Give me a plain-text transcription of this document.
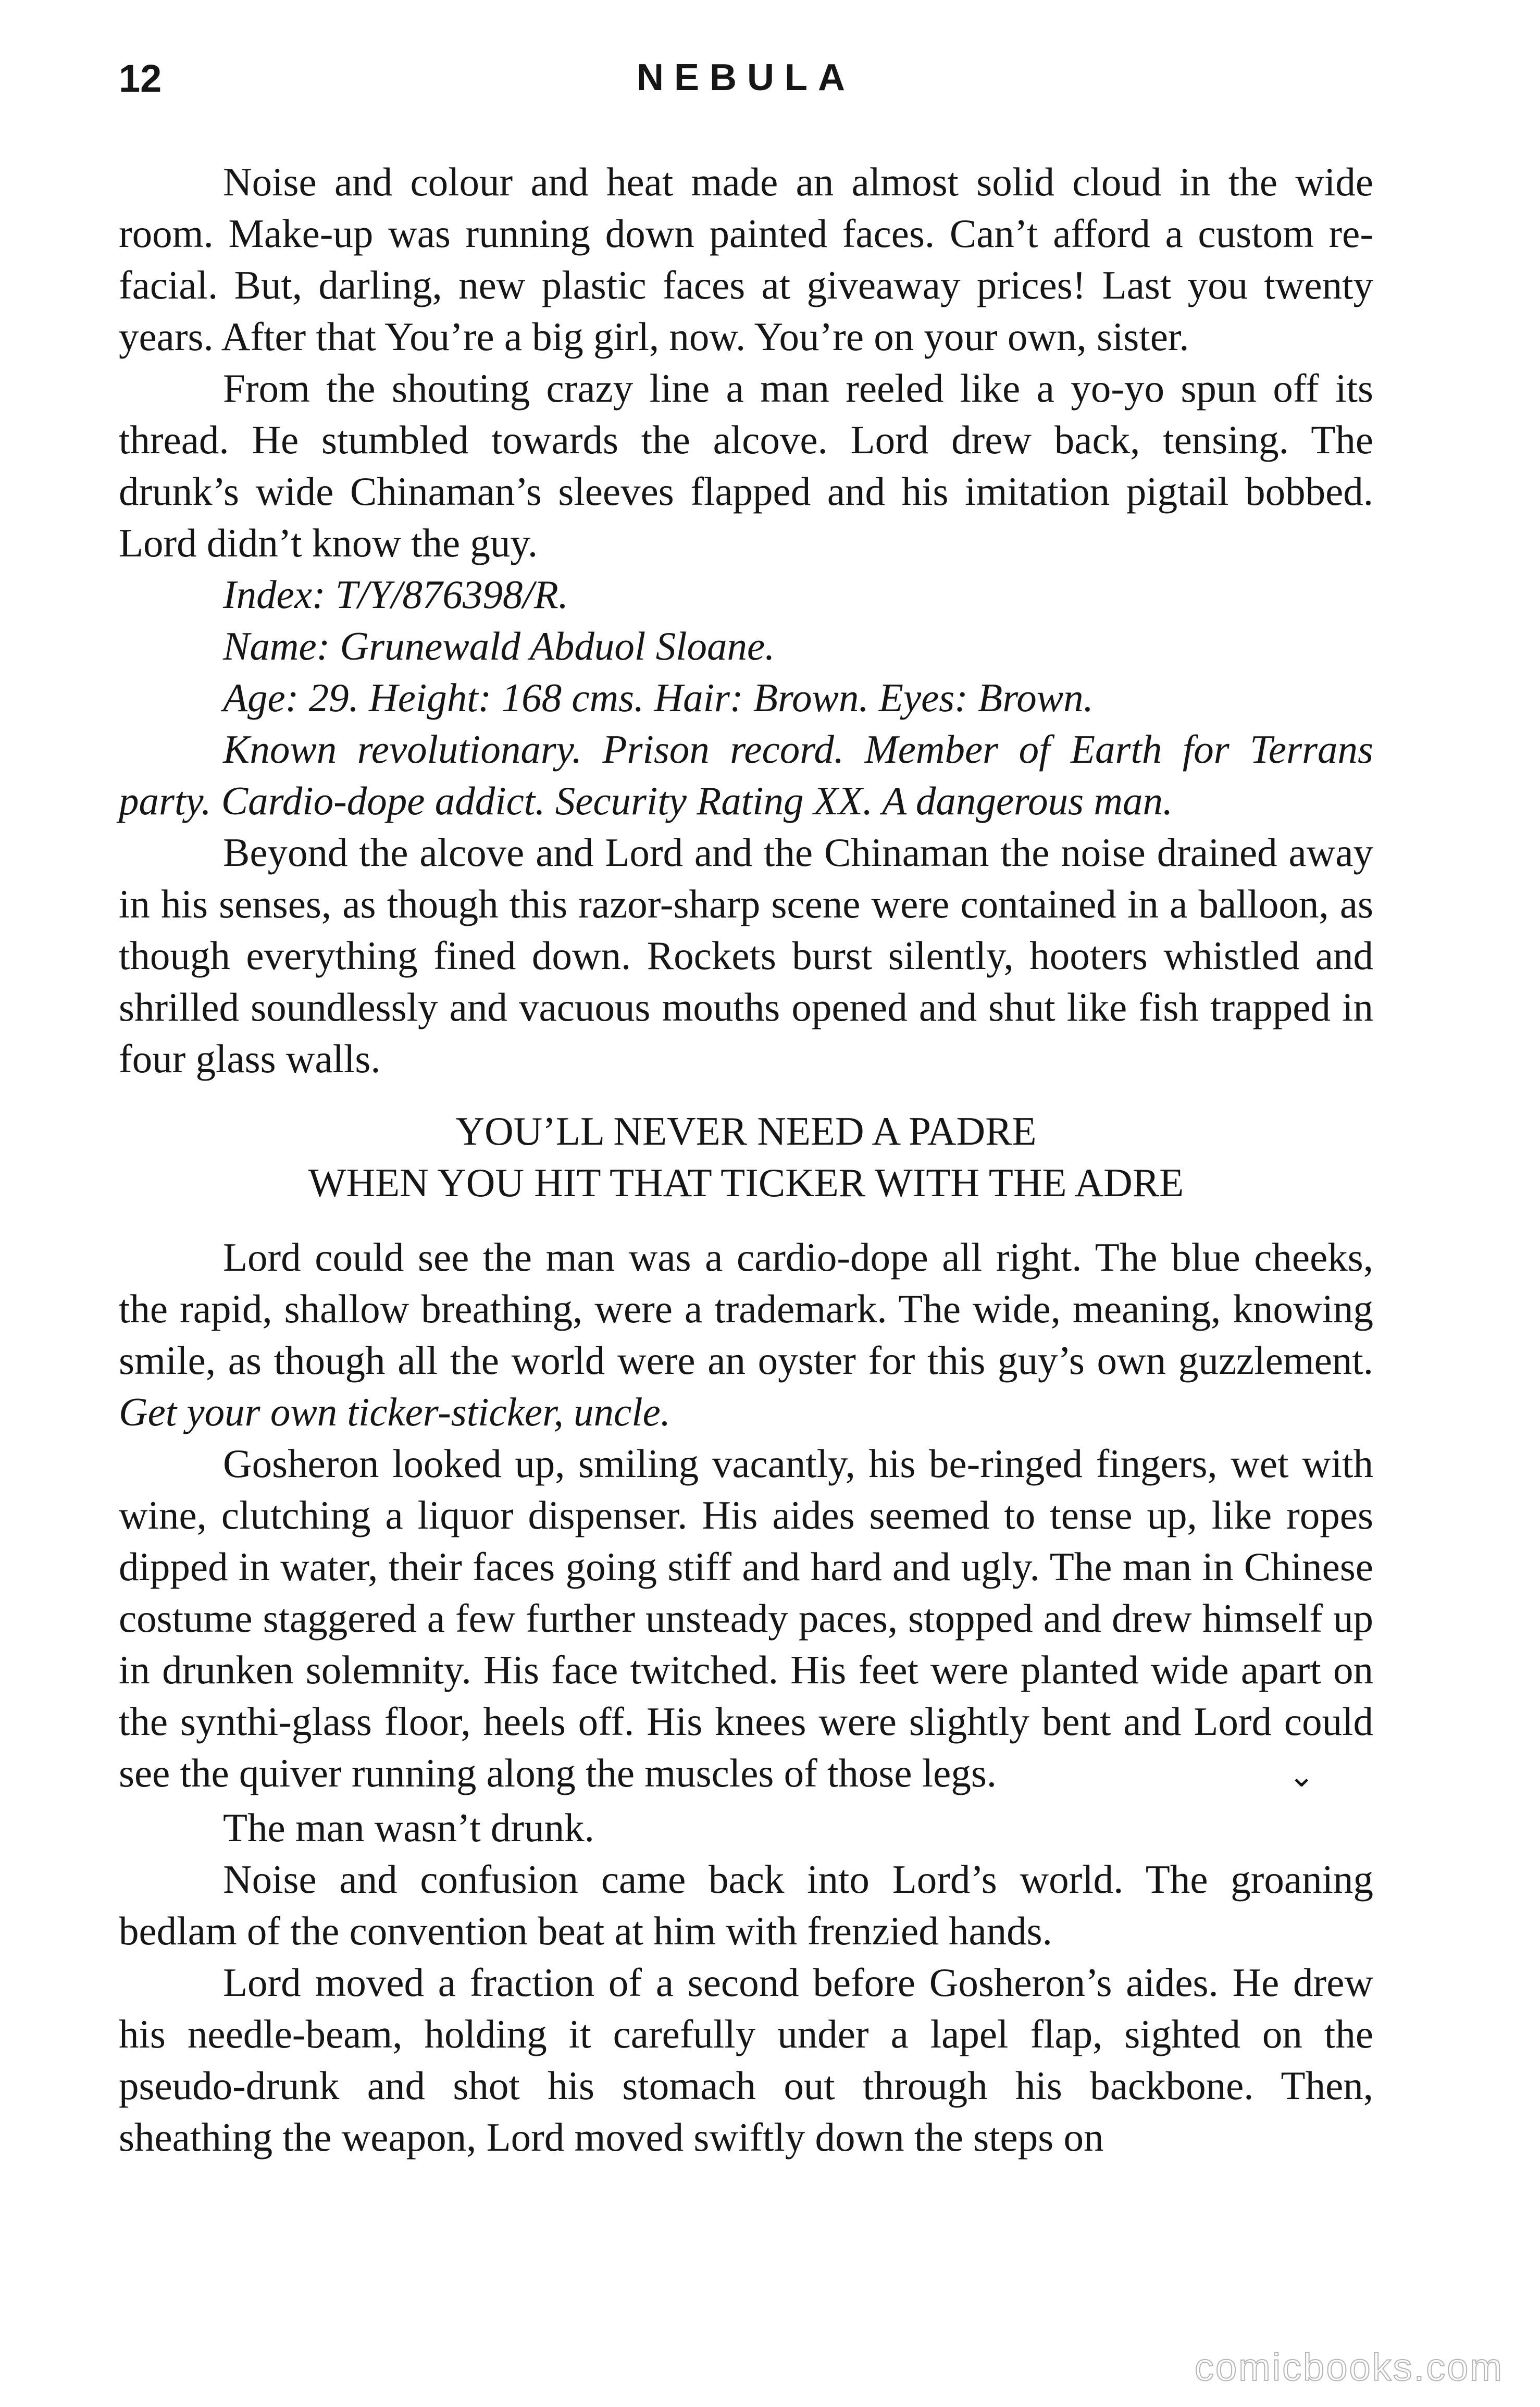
12	NEBULA

Noise and colour and heat made an almost solid cloud in the wide room. Make-up was running down painted faces. Can’t afford a custom re-facial. But, darling, new plastic faces at giveaway prices! Last you twenty years. After that You’re a big girl, now. You’re on your own, sister.

From the shouting crazy line a man reeled like a yo-yo spun off its thread. He stumbled towards the alcove. Lord drew back, tensing. The drunk’s wide Chinaman’s sleeves flapped and his imitation pigtail bobbed. Lord didn’t know the guy.

Index: T/Y/876398/R.

Name: Grunewald Abduol Sloane.

Age: 29. Height: 168 cms. Hair: Brown. Eyes: Brown.

Known revolutionary. Prison record. Member of Earth for Terrans party. Cardio-dope addict. Security Rating XX. A dangerous man.

Beyond the alcove and Lord and the Chinaman the noise drained away in his senses, as though this razor-sharp scene were contained in a balloon, as though everything fined down. Rockets burst silently, hooters whistled and shrilled soundlessly and vacuous mouths opened and shut like fish trapped in four glass walls.

YOU’LL NEVER NEED A PADRE
WHEN YOU HIT THAT TICKER WITH THE ADRE

Lord could see the man was a cardio-dope all right. The blue cheeks, the rapid, shallow breathing, were a trademark. The wide, meaning, knowing smile, as though all the world were an oyster for this guy’s own guzzlement. Get your own ticker-sticker, uncle.

Gosheron looked up, smiling vacantly, his be-ringed fingers, wet with wine, clutching a liquor dispenser. His aides seemed to tense up, like ropes dipped in water, their faces going stiff and hard and ugly. The man in Chinese costume staggered a few further unsteady paces, stopped and drew himself up in drunken solemnity. His face twitched. His feet were planted wide apart on the synthi-glass floor, heels off. His knees were slightly bent and Lord could see the quiver running along the muscles of those legs.	⌄

The man wasn’t drunk.

Noise and confusion came back into Lord’s world. The groaning bedlam of the convention beat at him with frenzied hands.

Lord moved a fraction of a second before Gosheron’s aides. He drew his needle-beam, holding it carefully under a lapel flap, sighted on the pseudo-drunk and shot his stomach out through his backbone. Then, sheathing the weapon, Lord moved swiftly down the steps on

comicbooks.com
